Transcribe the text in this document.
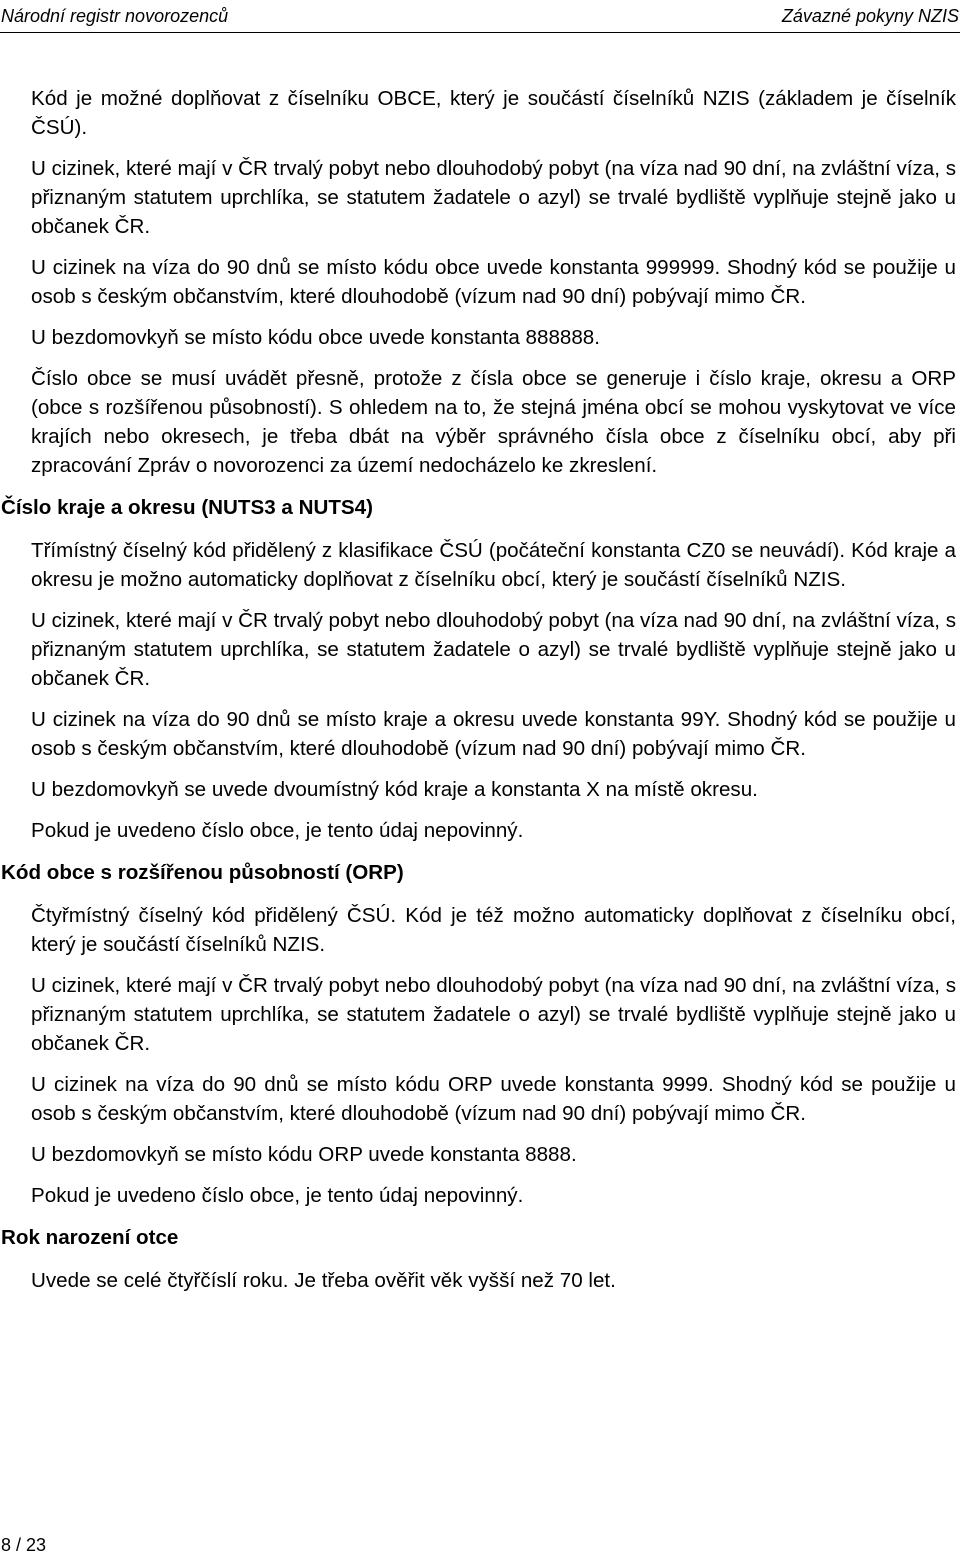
Národní registr novorozenců	Závazné pokyny NZIS

Kód je možné doplňovat z číselníku OBCE, který je součástí číselníků NZIS (základem je číselník ČSÚ).

U cizinek, které mají v ČR trvalý pobyt nebo dlouhodobý pobyt (na víza nad 90 dní, na zvláštní víza, s přiznaným statutem uprchlíka, se statutem žadatele o azyl) se trvalé bydliště vyplňuje stejně jako u občanek ČR.

U cizinek na víza do 90 dnů se místo kódu obce uvede konstanta 999999. Shodný kód se použije u osob s českým občanstvím, které dlouhodobě (vízum nad 90 dní) pobývají mimo ČR.

U bezdomovkyň se místo kódu obce uvede konstanta 888888.

Číslo obce se musí uvádět přesně, protože z čísla obce se generuje i číslo kraje, okresu a ORP (obce s rozšířenou působností). S ohledem na to, že stejná jména obcí se mohou vyskytovat ve více krajích nebo okresech, je třeba dbát na výběr správného čísla obce z číselníku obcí, aby při zpracování Zpráv o novorozenci za území nedocházelo ke zkreslení.

Číslo kraje a okresu (NUTS3 a NUTS4)

Třímístný číselný kód přidělený z klasifikace ČSÚ (počáteční konstanta CZ0 se neuvádí). Kód kraje a okresu je možno automaticky doplňovat z číselníku obcí, který je součástí číselníků NZIS.

U cizinek, které mají v ČR trvalý pobyt nebo dlouhodobý pobyt (na víza nad 90 dní, na zvláštní víza, s přiznaným statutem uprchlíka, se statutem žadatele o azyl) se trvalé bydliště vyplňuje stejně jako u občanek ČR.

U cizinek na víza do 90 dnů se místo kraje a okresu uvede konstanta 99Y. Shodný kód se použije u osob s českým občanstvím, které dlouhodobě (vízum nad 90 dní) pobývají mimo ČR.

U bezdomovkyň se uvede dvoumístný kód kraje a konstanta X na místě okresu.

Pokud je uvedeno číslo obce, je tento údaj nepovinný.

Kód obce s rozšířenou působností (ORP)

Čtyřmístný číselný kód přidělený ČSÚ. Kód je též možno automaticky doplňovat z číselníku obcí, který je součástí číselníků NZIS.

U cizinek, které mají v ČR trvalý pobyt nebo dlouhodobý pobyt (na víza nad 90 dní, na zvláštní víza, s přiznaným statutem uprchlíka, se statutem žadatele o azyl) se trvalé bydliště vyplňuje stejně jako u občanek ČR.

U cizinek na víza do 90 dnů se místo kódu ORP uvede konstanta 9999. Shodný kód se použije u osob s českým občanstvím, které dlouhodobě (vízum nad 90 dní) pobývají mimo ČR.

U bezdomovkyň se místo kódu ORP uvede konstanta 8888.

Pokud je uvedeno číslo obce, je tento údaj nepovinný.

Rok narození otce

Uvede se celé čtyřčíslí roku. Je třeba ověřit věk vyšší než 70 let.

8 / 23
